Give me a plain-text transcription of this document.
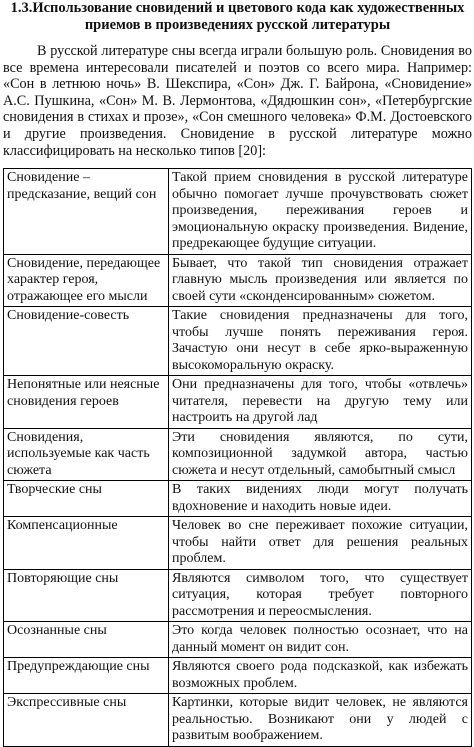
1.3.Использование сновидений и цветового кода как художественных
приемов в произведениях русской литературы

В русской литературе сны всегда играли большую роль. Сновидения во все времена интересовали писателей и поэтов со всего мира. Например: «Сон в летнюю ночь» В. Шекспира, «Сон» Дж. Г. Байрона, «Сновидение» А.С. Пушкина, «Сон» М. В. Лермонтова, «Дядюшкин сон», «Петербургские сновидения в стихах и прозе», «Сон смешного человека» Ф.М. Достоевского и другие произведения. Сновидение в русской литературе можно классифицировать на несколько типов [20]:

Сновидение – предсказание, вещий сон	Такой прием сновидения в русской литературе обычно помогает лучше прочувствовать сюжет произведения, переживания героев и эмоциональную окраску произведения. Видение, предрекающее будущие ситуации.
Сновидение, передающее характер героя, отражающее его мысли	Бывает, что такой тип сновидения отражает главную мысль произведения или является по своей сути «сконденсированным» сюжетом.
Сновидение-совесть	Такие сновидения предназначены для того, чтобы лучше понять переживания героя. Зачастую они несут в себе ярко-выраженную высокоморальную окраску.
Непонятные или неясные сновидения героев	Они предназначены для того, чтобы «отвлечь» читателя, перевести на другую тему или настроить на другой лад
Сновидения, используемые как часть сюжета	Эти сновидения являются, по сути, композиционной задумкой автора, частью сюжета и несут отдельный, самобытный смысл
Творческие сны	В таких видениях люди могут получать вдохновение и находить новые идеи.
Компенсационные	Человек во сне переживает похожие ситуации, чтобы найти ответ для решения реальных проблем.
Повторяющие сны	Являются символом того, что существует ситуация, которая требует повторного рассмотрения и переосмысления.
Осознанные сны	Это когда человек полностью осознает, что на данный момент он видит сон.
Предупреждающие сны	Являются своего рода подсказкой, как избежать возможных проблем.
Экспрессивные сны	Картинки, которые видит человек, не являются реальностью. Возникают они у людей с развитым воображением.
